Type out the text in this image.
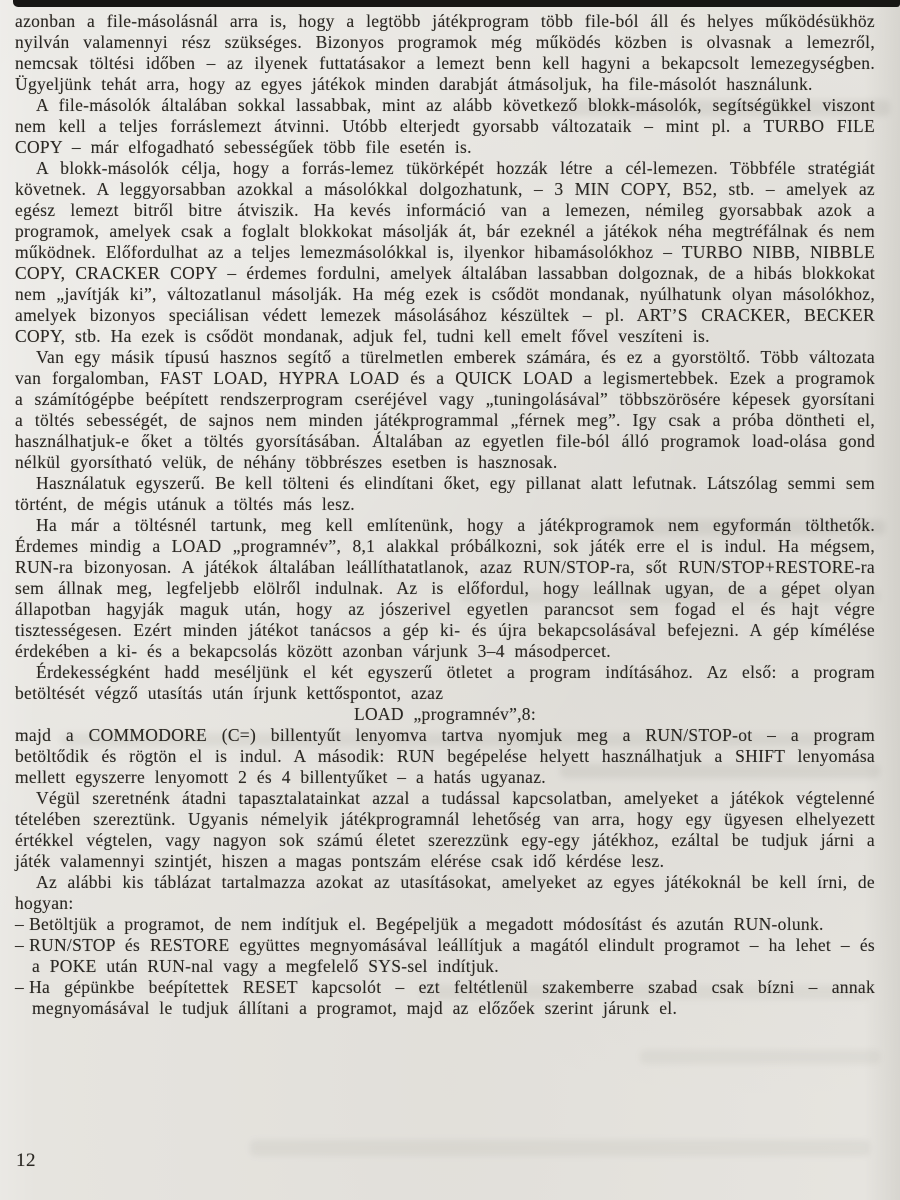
azonban a file-másolásnál arra is, hogy a legtöbb játékprogram több file-ból áll és helyes működésükhöz nyilván valamennyi rész szükséges. Bizonyos programok még működés közben is olvasnak a lemezről, nemcsak töltési időben – az ilyenek futtatásakor a lemezt benn kell hagyni a bekapcsolt lemezegységben. Ügyeljünk tehát arra, hogy az egyes játékok minden darabját átmásoljuk, ha file-másolót használunk.

A file-másolók általában sokkal lassabbak, mint az alább következő blokk-másolók, segítségükkel viszont nem kell a teljes forráslemezt átvinni. Utóbb elterjedt gyorsabb változataik – mint pl. a TURBO FILE COPY – már elfogadható sebességűek több file esetén is.

A blokk-másolók célja, hogy a forrás-lemez tükörképét hozzák létre a cél-lemezen. Többféle stratégiát követnek. A leggyorsabban azokkal a másolókkal dolgozhatunk, – 3 MIN COPY, B52, stb. – amelyek az egész lemezt bitről bitre átviszik. Ha kevés információ van a lemezen, némileg gyorsabbak azok a programok, amelyek csak a foglalt blokkokat másolják át, bár ezeknél a játékok néha megtréfálnak és nem működnek. Előfordulhat az a teljes lemezmásolókkal is, ilyenkor hibamásolókhoz – TURBO NIBB, NIBBLE COPY, CRACKER COPY – érdemes fordulni, amelyek általában lassabban dolgoznak, de a hibás blokkokat nem „javítják ki”, változatlanul másolják. Ha még ezek is csődöt mondanak, nyúlhatunk olyan másolókhoz, amelyek bizonyos speciálisan védett lemezek másolásához készültek – pl. ART’S CRACKER, BECKER COPY, stb. Ha ezek is csődöt mondanak, adjuk fel, tudni kell emelt fővel veszíteni is.

Van egy másik típusú hasznos segítő a türelmetlen emberek számára, és ez a gyorstöltő. Több változata van forgalomban, FAST LOAD, HYPRA LOAD és a QUICK LOAD a legismertebbek. Ezek a programok a számítógépbe beépített rendszerprogram cseréjével vagy „tuningolásával” többszörösére képesek gyorsítani a töltés sebességét, de sajnos nem minden játékprogrammal „férnek meg”. Igy csak a próba döntheti el, használhatjuk-e őket a töltés gyorsításában. Általában az egyetlen file-ból álló programok load-olása gond nélkül gyorsítható velük, de néhány többrészes esetben is hasznosak.

Használatuk egyszerű. Be kell tölteni és elindítani őket, egy pillanat alatt lefutnak. Látszólag semmi sem történt, de mégis utánuk a töltés más lesz.

Ha már a töltésnél tartunk, meg kell említenünk, hogy a játékprogramok nem egyformán tölthetők. Érdemes mindig a LOAD „programnév”, 8,1 alakkal próbálkozni, sok játék erre el is indul. Ha mégsem, RUN-ra bizonyosan. A játékok általában leállíthatatlanok, azaz RUN/STOP-ra, sőt RUN/STOP+RESTORE-ra sem állnak meg, legfeljebb elölről indulnak. Az is előfordul, hogy leállnak ugyan, de a gépet olyan állapotban hagyják maguk után, hogy az jószerivel egyetlen parancsot sem fogad el és hajt végre tisztességesen. Ezért minden játékot tanácsos a gép ki- és újra bekapcsolásával befejezni. A gép kímélése érdekében a ki- és a bekapcsolás között azonban várjunk 3–4 másodpercet.

Érdekességként hadd meséljünk el két egyszerű ötletet a program indításához. Az első: a program betöltését végző utasítás után írjunk kettőspontot, azaz

LOAD „programnév”,8:

majd a COMMODORE (C=) billentyűt lenyomva tartva nyomjuk meg a RUN/STOP-ot – a program betöltődik és rögtön el is indul. A második: RUN begépelése helyett használhatjuk a SHIFT lenyomása mellett egyszerre lenyomott 2 és 4 billentyűket – a hatás ugyanaz.

Végül szeretnénk átadni tapasztalatainkat azzal a tudással kapcsolatban, amelyeket a játékok végtelenné tételében szereztünk. Ugyanis némelyik játékprogramnál lehetőség van arra, hogy egy ügyesen elhelyezett értékkel végtelen, vagy nagyon sok számú életet szerezzünk egy-egy játékhoz, ezáltal be tudjuk járni a játék valamennyi szintjét, hiszen a magas pontszám elérése csak idő kérdése lesz.

Az alábbi kis táblázat tartalmazza azokat az utasításokat, amelyeket az egyes játékoknál be kell írni, de hogyan:

– Betöltjük a programot, de nem indítjuk el. Begépeljük a megadott módosítást és azután RUN-olunk.

– RUN/STOP és RESTORE együttes megnyomásával leállítjuk a magától elindult programot – ha lehet – és a POKE után RUN-nal vagy a megfelelő SYS-sel indítjuk.

– Ha gépünkbe beépítettek RESET kapcsolót – ezt feltétlenül szakemberre szabad csak bízni – annak megnyomásával le tudjuk állítani a programot, majd az előzőek szerint járunk el.

12
